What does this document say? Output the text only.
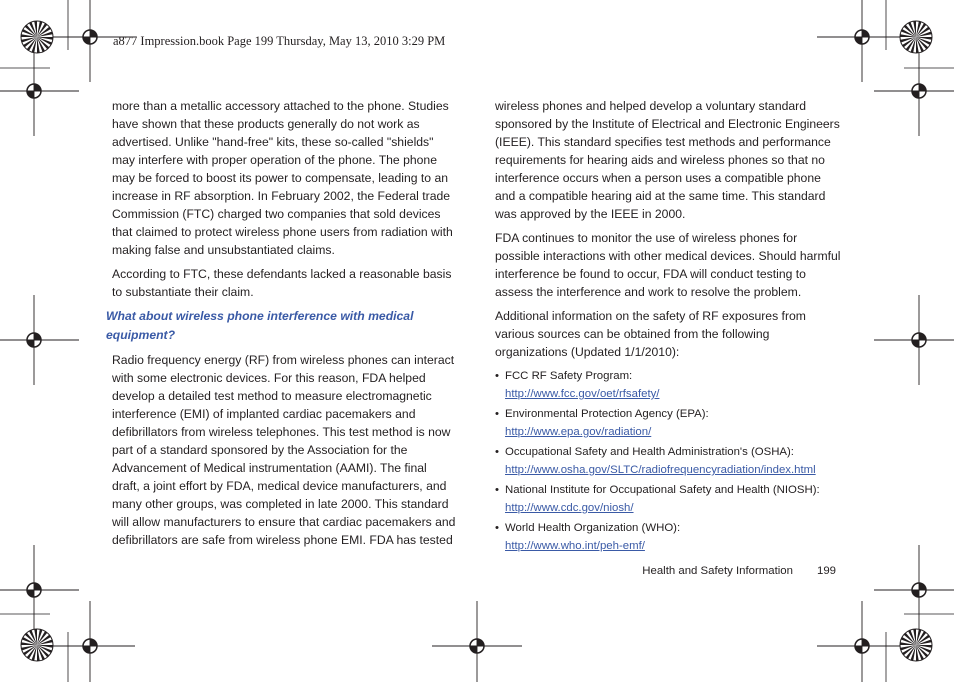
a877 Impression.book Page 199 Thursday, May 13, 2010 3:29 PM

more than a metallic accessory attached to the phone. Studies have shown that these products generally do not work as advertised. Unlike "hand-free" kits, these so-called "shields" may interfere with proper operation of the phone. The phone may be forced to boost its power to compensate, leading to an increase in RF absorption. In February 2002, the Federal trade Commission (FTC) charged two companies that sold devices that claimed to protect wireless phone users from radiation with making false and unsubstantiated claims.

According to FTC, these defendants lacked a reasonable basis to substantiate their claim.

What about wireless phone interference with medical equipment?

Radio frequency energy (RF) from wireless phones can interact with some electronic devices. For this reason, FDA helped develop a detailed test method to measure electromagnetic interference (EMI) of implanted cardiac pacemakers and defibrillators from wireless telephones. This test method is now part of a standard sponsored by the Association for the Advancement of Medical instrumentation (AAMI). The final draft, a joint effort by FDA, medical device manufacturers, and many other groups, was completed in late 2000. This standard will allow manufacturers to ensure that cardiac pacemakers and defibrillators are safe from wireless phone EMI. FDA has tested

wireless phones and helped develop a voluntary standard sponsored by the Institute of Electrical and Electronic Engineers (IEEE). This standard specifies test methods and performance requirements for hearing aids and wireless phones so that no interference occurs when a person uses a compatible phone and a compatible hearing aid at the same time. This standard was approved by the IEEE in 2000.

FDA continues to monitor the use of wireless phones for possible interactions with other medical devices. Should harmful interference be found to occur, FDA will conduct testing to assess the interference and work to resolve the problem.

Additional information on the safety of RF exposures from various sources can be obtained from the following organizations (Updated 1/1/2010):

• FCC RF Safety Program:
http://www.fcc.gov/oet/rfsafety/
• Environmental Protection Agency (EPA):
http://www.epa.gov/radiation/
• Occupational Safety and Health Administration's (OSHA):
http://www.osha.gov/SLTC/radiofrequencyradiation/index.html
• National Institute for Occupational Safety and Health (NIOSH):
http://www.cdc.gov/niosh/
• World Health Organization (WHO):
http://www.who.int/peh-emf/
Health and Safety Information 199
